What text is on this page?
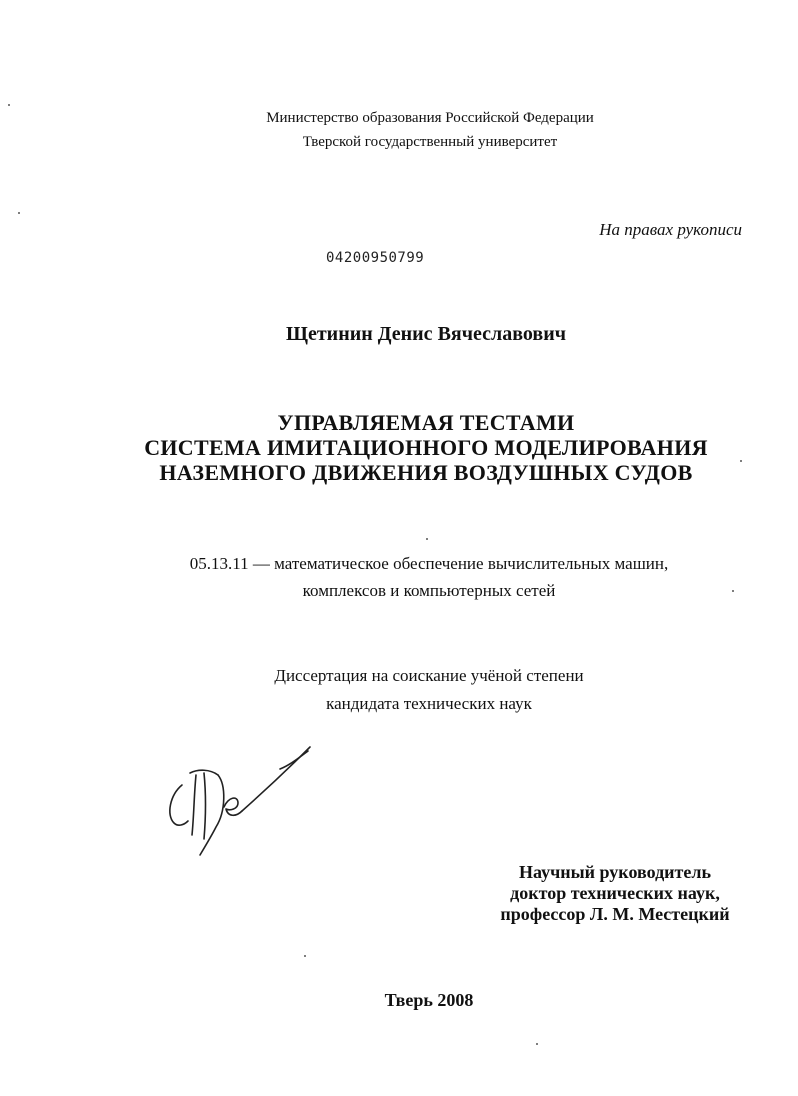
Министерство образования Российской Федерации
Тверской государственный университет
На правах рукописи
04200950799
Щетинин Денис Вячеславович
УПРАВЛЯЕМАЯ ТЕСТАМИ
СИСТЕМА ИМИТАЦИОННОГО МОДЕЛИРОВАНИЯ
НАЗЕМНОГО ДВИЖЕНИЯ ВОЗДУШНЫХ СУДОВ
05.13.11 — математическое обеспечение вычислительных машин,
комплексов и компьютерных сетей
Диссертация на соискание учёной степени
кандидата технических наук
Научный руководитель
доктор технических наук,
профессор Л. М. Местецкий
Тверь 2008
